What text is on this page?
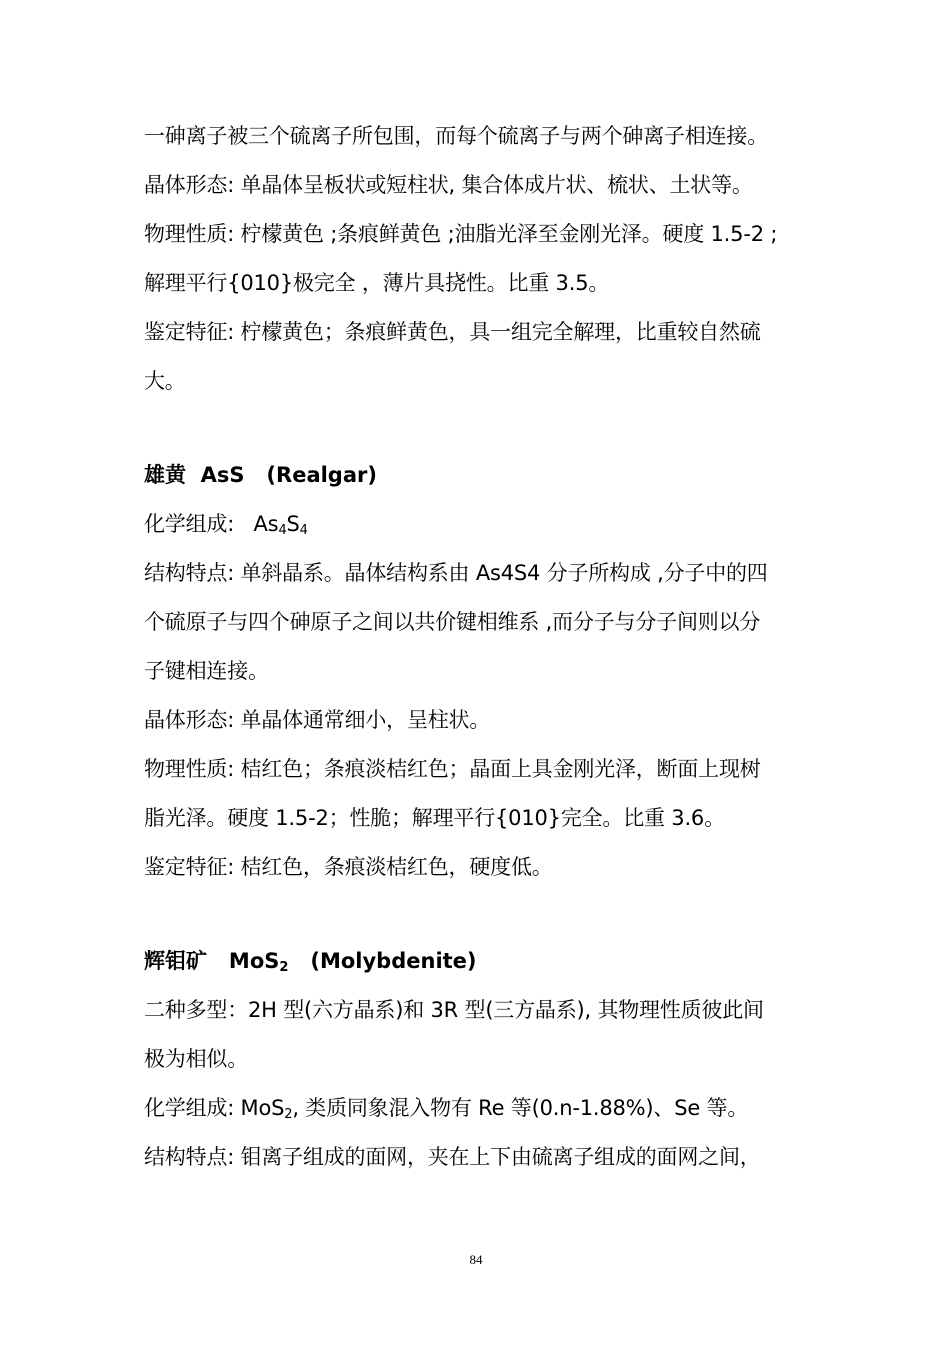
一砷离子被三个硫离子所包围，而每个硫离子与两个砷离子相连接。

晶体形态: 单晶体呈板状或短柱状, 集合体成片状、梳状、土状等。

物理性质: 柠檬黄色 ;条痕鲜黄色 ;油脂光泽至金刚光泽。硬度 1.5-2 ;

解理平行{010}极完全 ，薄片具挠性。比重 3.5。

鉴定特征: 柠檬黄色；条痕鲜黄色，具一组完全解理，比重较自然硫

大。

雄黄  AsS   (Realgar)

化学组成:   $As_4S_4$

结构特点: 单斜晶系。晶体结构系由 As4S4 分子所构成 ,分子中的四

个硫原子与四个砷原子之间以共价键相维系 ,而分子与分子间则以分

子键相连接。

晶体形态: 单晶体通常细小，呈柱状。

物理性质: 桔红色；条痕淡桔红色；晶面上具金刚光泽，断面上现树

脂光泽。硬度 1.5-2；性脆；解理平行{010}完全。比重 3.6。

鉴定特征: 桔红色，条痕淡桔红色，硬度低。

辉钼矿   MoS$_2$   (Molybdenite)

二种多型：2H 型(六方晶系)和 3R 型(三方晶系), 其物理性质彼此间

极为相似。

化学组成: MoS$_2$, 类质同象混入物有 Re 等(0.n-1.88%)、Se 等。

结构特点: 钼离子组成的面网，夹在上下由硫离子组成的面网之间，

84
